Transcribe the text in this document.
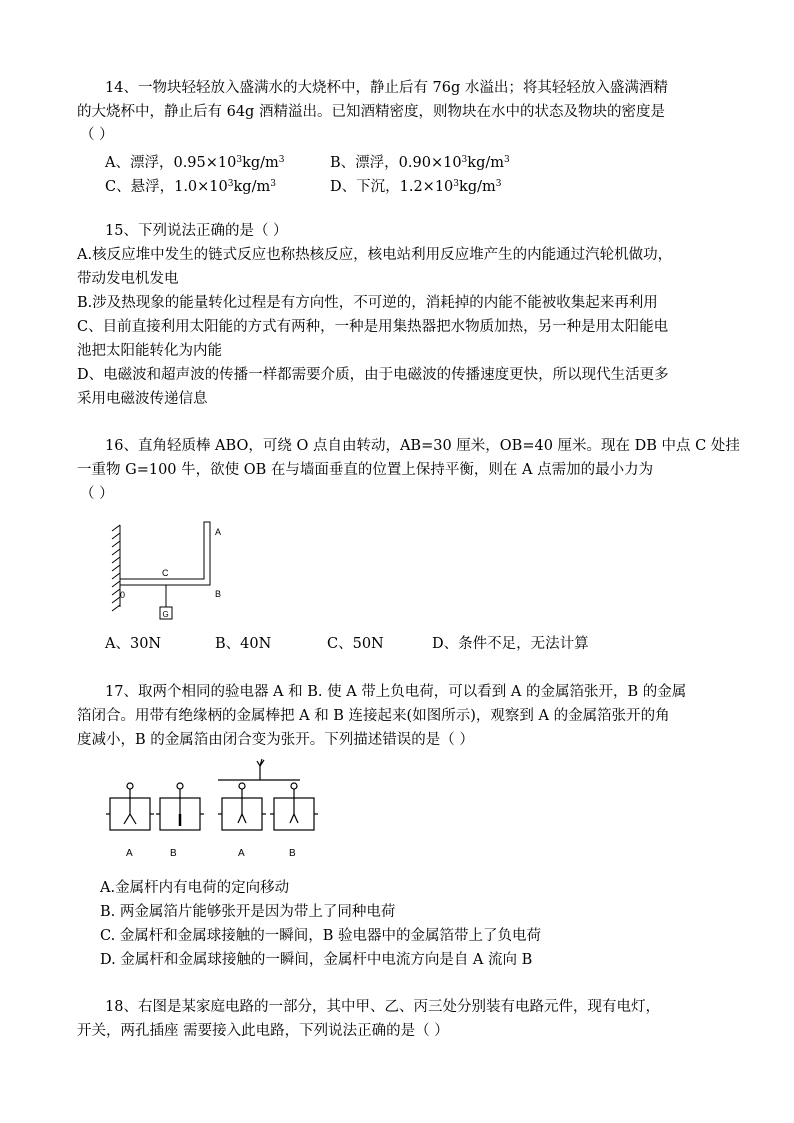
14、一物块轻轻放入盛满水的大烧杯中，静止后有 76g 水溢出；将其轻轻放入盛满酒精
的大烧杯中，静止后有 64g 酒精溢出。已知酒精密度，则物块在水中的状态及物块的密度是
（ ）
A、漂浮，$0.95\times 10^3kg/m^3$	B、漂浮，$0.90\times 10^3kg/m^3$
C、悬浮，$1.0\times 10^3kg/m^3$	D、下沉，$1.2\times 10^3kg/m^3$
15、下列说法正确的是（ ）
A.核反应堆中发生的链式反应也称热核反应，核电站利用反应堆产生的内能通过汽轮机做功，
带动发电机发电
B.涉及热现象的能量转化过程是有方向性，不可逆的，消耗掉的内能不能被收集起来再利用
C、目前直接利用太阳能的方式有两种，一种是用集热器把水物质加热，另一种是用太阳能电
池把太阳能转化为内能
D、电磁波和超声波的传播一样都需要介质，由于电磁波的传播速度更快，所以现代生活更多
采用电磁波传递信息
16、直角轻质棒 ABO，可绕 O 点自由转动，AB=30 厘米，OB=40 厘米。现在 DB 中点 C 处挂
一重物 G=100 牛，欲使 OB 在与墙面垂直的位置上保持平衡，则在 A 点需加的最小力为
（ ）
A
B
C
0
G
A、30N	B、40N	C、50N	D、条件不足，无法计算
17、取两个相同的验电器 A 和 B. 使 A 带上负电荷，可以看到 A 的金属箔张开，B 的金属
箔闭合。用带有绝缘柄的金属棒把 A 和 B 连接起来(如图所示)，观察到 A 的金属箔张开的角
度减小，B 的金属箔由闭合变为张开。下列描述错误的是（ ）
A	B	A	B
A.金属杆内有电荷的定向移动
B. 两金属箔片能够张开是因为带上了同种电荷
C. 金属杆和金属球接触的一瞬间，B 验电器中的金属箔带上了负电荷
D. 金属杆和金属球接触的一瞬间，金属杆中电流方向是自 A 流向 B
18、右图是某家庭电路的一部分，其中甲、乙、丙三处分别装有电路元件，现有电灯，
开关，两孔插座 需要接入此电路，下列说法正确的是（ ）
